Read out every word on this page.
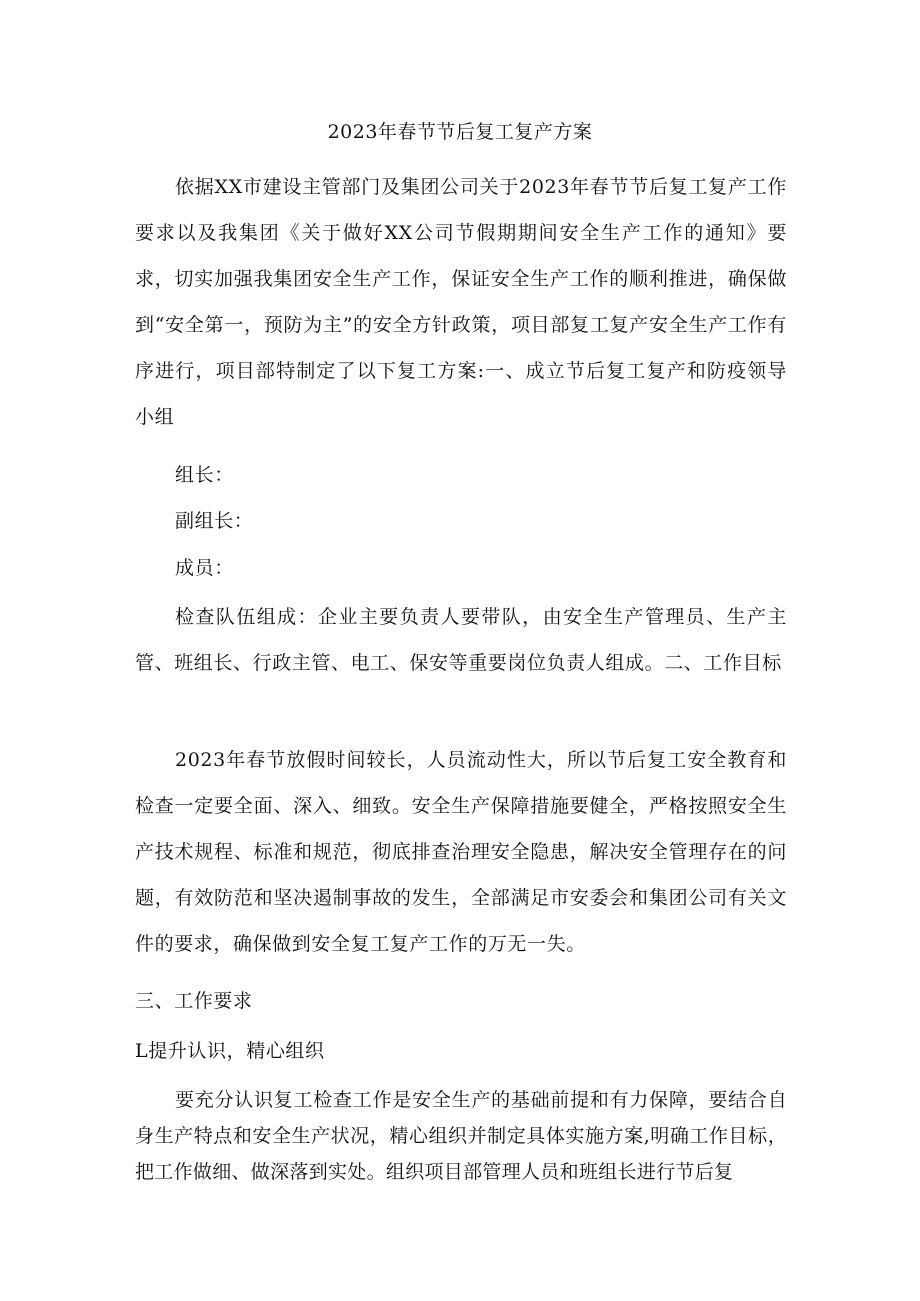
2023年春节节后复工复产方案

依据XX市建设主管部门及集团公司关于2023年春节节后复工复产工作要求以及我集团《关于做好XX公司节假期期间安全生产工作的通知》要求，切实加强我集团安全生产工作，保证安全生产工作的顺利推进，确保做到“安全第一，预防为主”的安全方针政策，项目部复工复产安全生产工作有序进行，项目部特制定了以下复工方案:一、成立节后复工复产和防疫领导小组

组长：

副组长：

成员：

检查队伍组成：企业主要负责人要带队，由安全生产管理员、生产主管、班组长、行政主管、电工、保安等重要岗位负责人组成。二、工作目标

2023年春节放假时间较长，人员流动性大，所以节后复工安全教育和检查一定要全面、深入、细致。安全生产保障措施要健全，严格按照安全生产技术规程、标准和规范，彻底排查治理安全隐患，解决安全管理存在的问题，有效防范和坚决遏制事故的发生，全部满足市安委会和集团公司有关文件的要求，确保做到安全复工复产工作的万无一失。

三、工作要求

L提升认识，精心组织

要充分认识复工检查工作是安全生产的基础前提和有力保障，要结合自身生产特点和安全生产状况，精心组织并制定具体实施方案,明确工作目标，把工作做细、做深落到实处。组织项目部管理人员和班组长进行节后复
